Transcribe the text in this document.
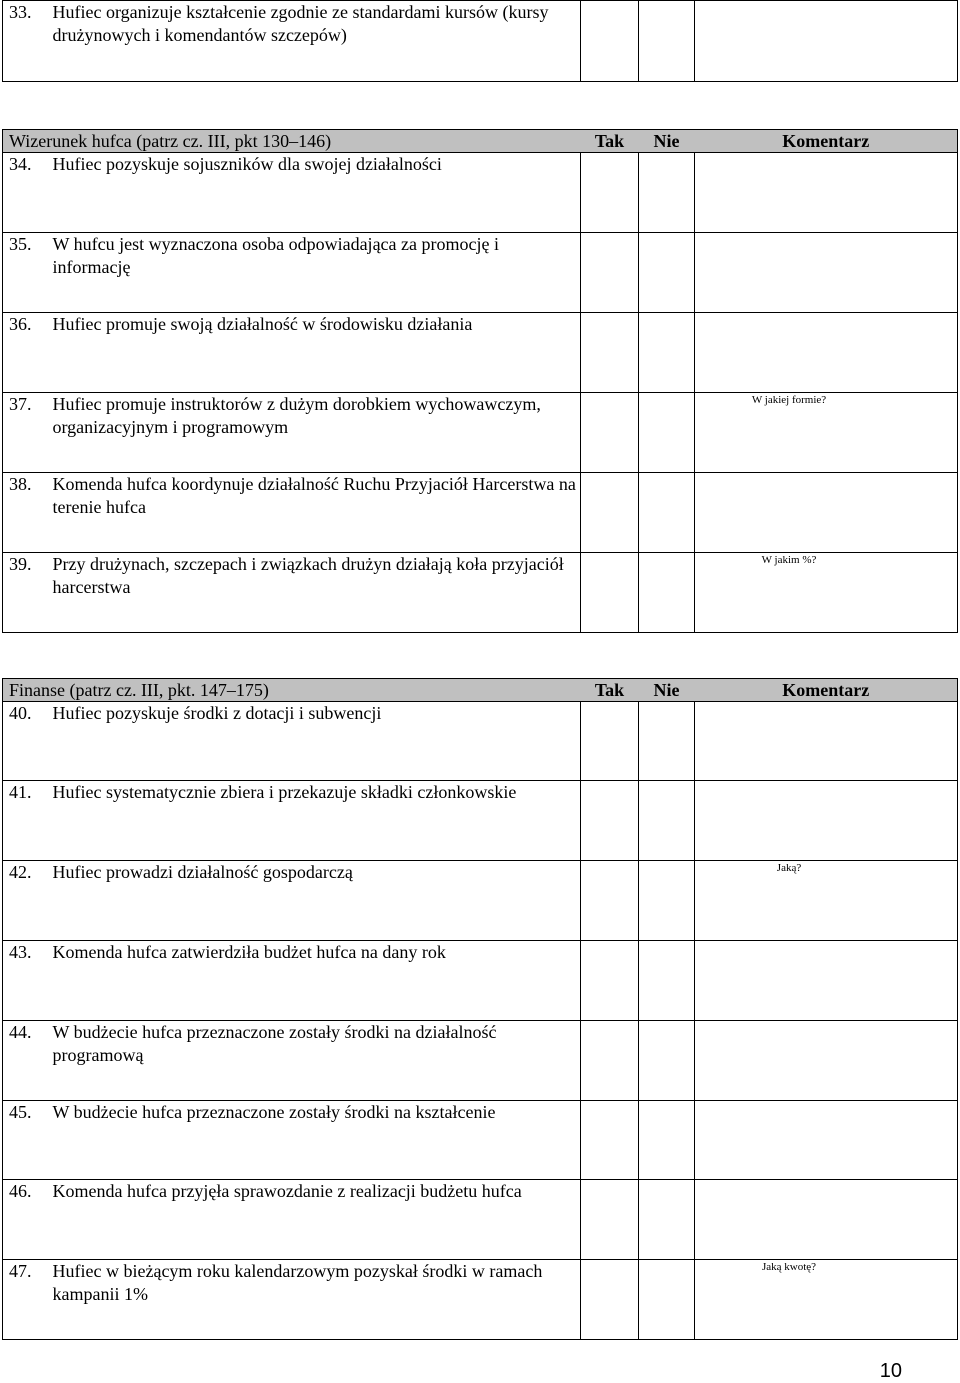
33.	Hufiec organizuje kształcenie zgodnie ze standardami kursów (kursy drużynowych i komendantów szczepów)			
Wizerunek hufca (patrz cz. III, pkt 130–146)		Tak	Nie	Komentarz
34.	Hufiec pozyskuje sojuszników dla swojej działalności			
35.	W hufcu jest wyznaczona osoba odpowiadająca za promocję i informację			
36.	Hufiec promuje swoją działalność w środowisku działania			
37.	Hufiec promuje instruktorów z dużym dorobkiem wychowawczym, organizacyjnym i programowym			W jakiej formie?

38.	Komenda hufca koordynuje działalność Ruchu Przyjaciół Harcerstwa na terenie hufca			
39.	Przy drużynach, szczepach i związkach drużyn działają koła przyjaciół harcerstwa			W jakim %?
Finanse (patrz cz. III, pkt. 147–175)		Tak	Nie	Komentarz
40.	Hufiec pozyskuje środki z dotacji i subwencji			
41.	Hufiec systematycznie zbiera i przekazuje składki członkowskie			
42.	Hufiec prowadzi działalność gospodarczą			Jaką?

43.	Komenda hufca zatwierdziła budżet hufca na dany rok			
44.	W budżecie hufca przeznaczone zostały środki na działalność programową			
45.	W budżecie hufca przeznaczone zostały środki na kształcenie			
46.	Komenda hufca przyjęła sprawozdanie z realizacji budżetu hufca			
47.	Hufiec w bieżącym roku kalendarzowym pozyskał środki w ramach kampanii 1%			Jaką kwotę?
10
